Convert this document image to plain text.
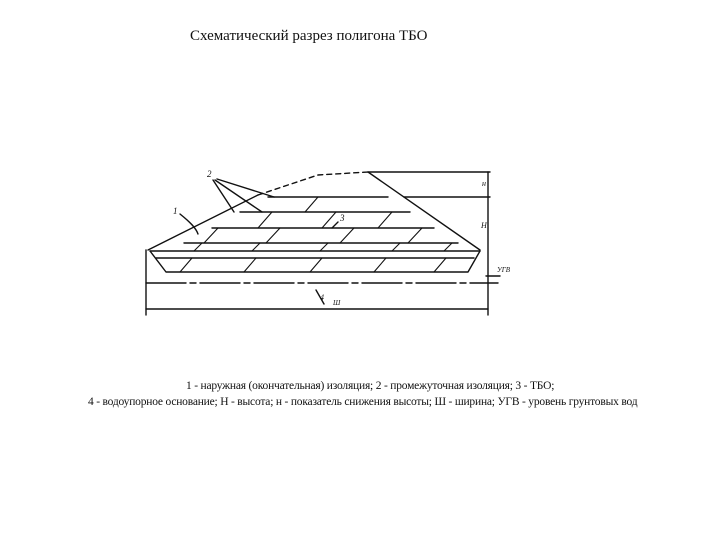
Схематический разрез полигона ТБО
2
1
3
н
Н
УГВ
4
Ш
1 - наружная (окончательная) изоляция; 2 - промежуточная изоляция; 3 - ТБО;
4 - водоупорное основание; Н - высота; н - показатель снижения высоты; Ш - ширина; УГВ - уровень грунтовых вод
